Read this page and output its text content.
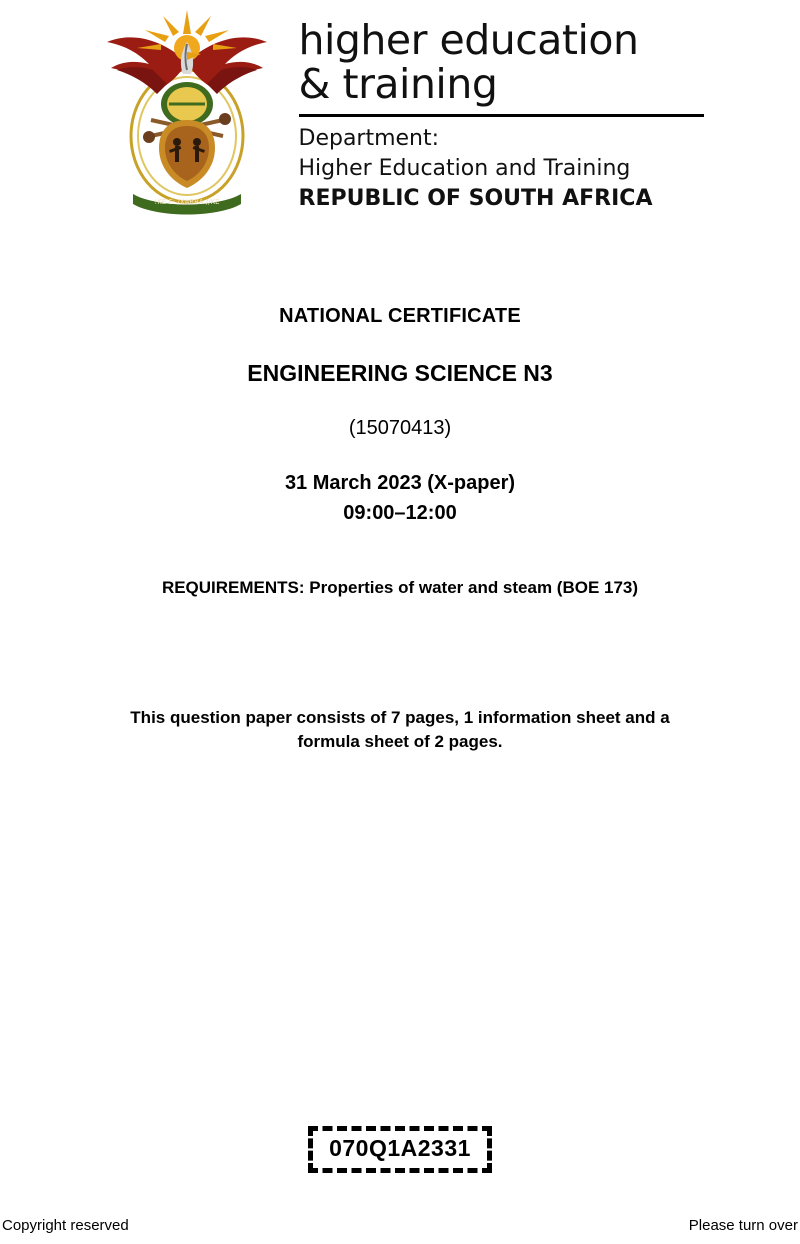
!KE E: /XARRA //KE
higher education
& training
Department:
Higher Education and Training
REPUBLIC OF SOUTH AFRICA
NATIONAL CERTIFICATE
ENGINEERING SCIENCE N3
(15070413)
31 March 2023 (X-paper)
09:00–12:00
REQUIREMENTS: Properties of water and steam (BOE 173)
This question paper consists of 7 pages, 1 information sheet and a
formula sheet of 2 pages.
070Q1A2331
Copyright reserved	Please turn over
